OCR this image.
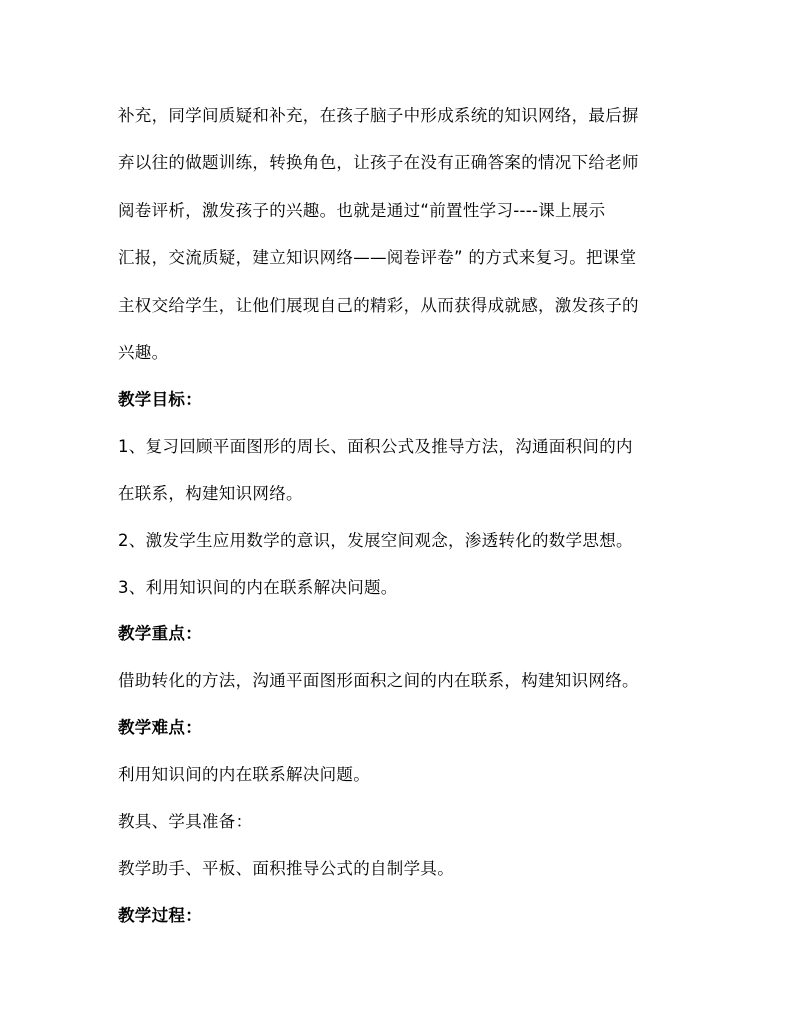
补充，同学间质疑和补充，在孩子脑子中形成系统的知识网络，最后摒
弃以往的做题训练，转换角色，让孩子在没有正确答案的情况下给老师
阅卷评析，激发孩子的兴趣。也就是通过“前置性学习----课上展示
汇报，交流质疑，建立知识网络——阅卷评卷” 的方式来复习。把课堂
主权交给学生，让他们展现自己的精彩，从而获得成就感，激发孩子的
兴趣。
教学目标：
1、复习回顾平面图形的周长、面积公式及推导方法，沟通面积间的内
在联系，构建知识网络。
2、激发学生应用数学的意识，发展空间观念，渗透转化的数学思想。
3、利用知识间的内在联系解决问题。
教学重点：
借助转化的方法，沟通平面图形面积之间的内在联系，构建知识网络。
教学难点：
利用知识间的内在联系解决问题。
教具、学具准备：
教学助手、平板、面积推导公式的自制学具。
教学过程：
